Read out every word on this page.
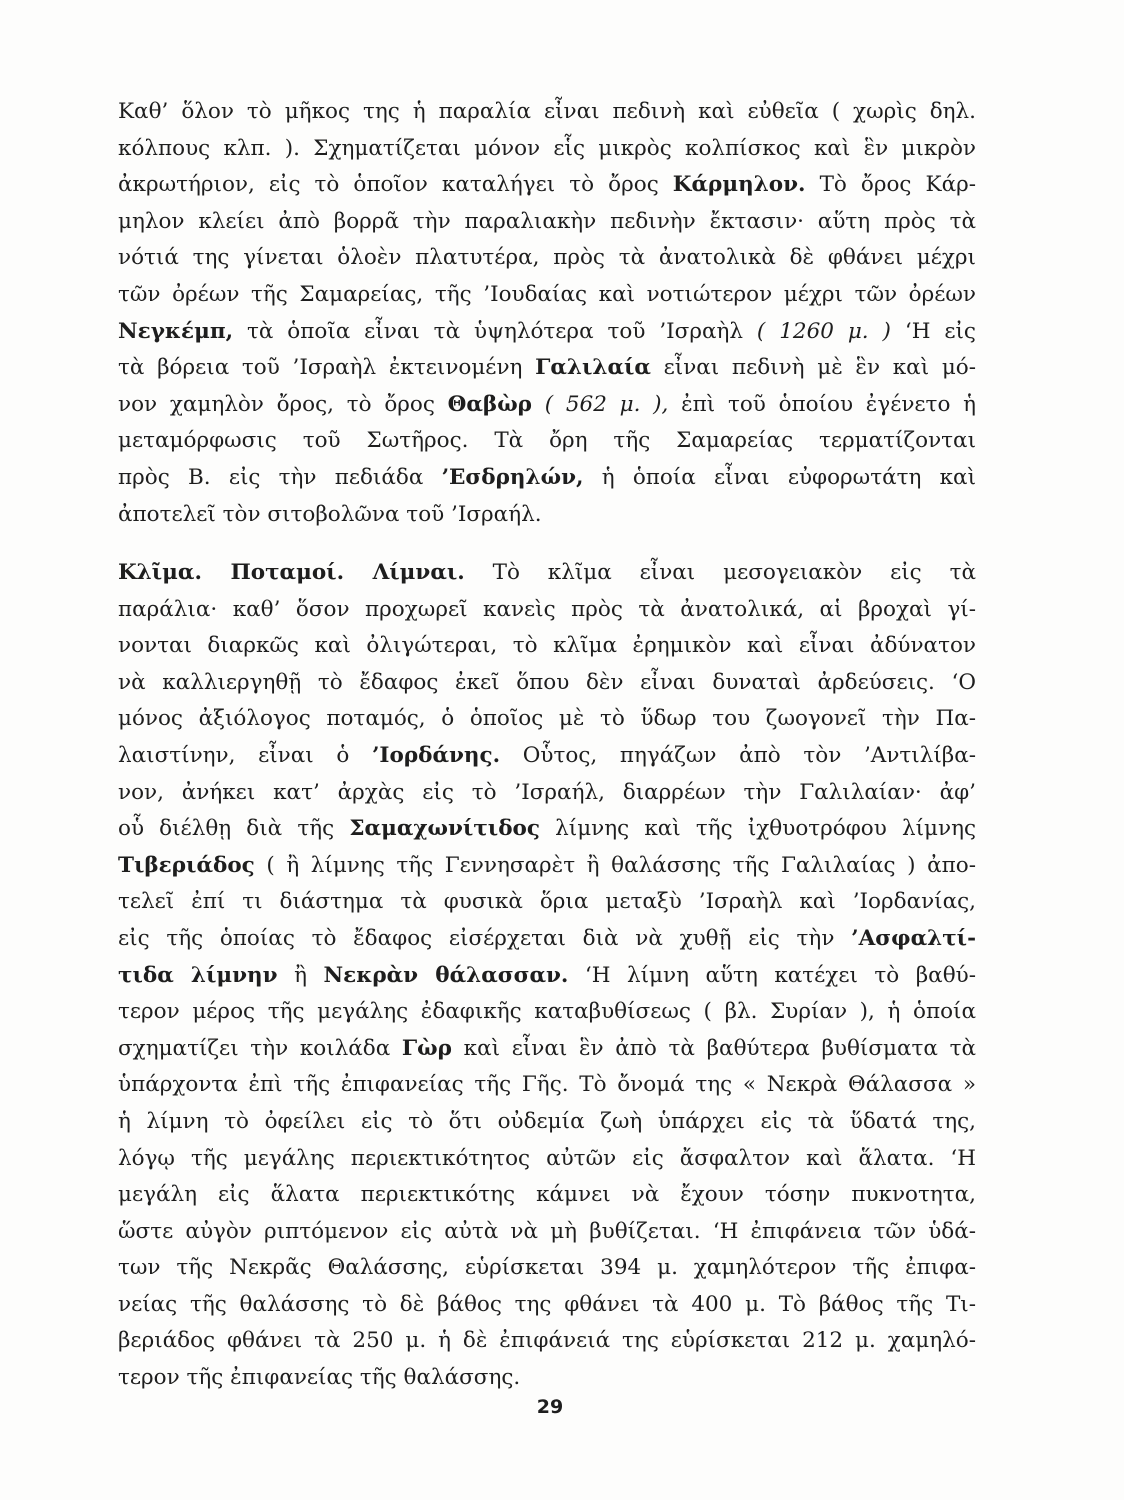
Καθ’ ὅλον τὸ μῆκος της ἡ παραλία εἶναι πεδινὴ καὶ εὐθεῖα ( χωρὶς δηλ.
κόλπους κλπ. ). Σχηματίζεται μόνον εἷς μικρὸς κολπίσκος καὶ ἓν μικρὸν
ἀκρωτήριον, εἰς τὸ ὁποῖον καταλήγει τὸ ὄρος Κάρμηλον. Τὸ ὄρος Κάρ-
μηλον κλείει ἀπὸ βορρᾶ τὴν παραλιακὴν πεδινὴν ἔκτασιν· αὕτη πρὸς τὰ
νότιά της γίνεται ὁλοὲν πλατυτέρα, πρὸς τὰ ἀνατολικὰ δὲ φθάνει μέχρι
τῶν ὀρέων τῆς Σαμαρείας, τῆς ’Ιουδαίας καὶ νοτιώτερον μέχρι τῶν ὀρέων
Νεγκέμπ, τὰ ὁποῖα εἶναι τὰ ὑψηλότερα τοῦ ’Ισραὴλ ( 1260 μ. ) ‘Η εἰς
τὰ βόρεια τοῦ ’Ισραὴλ ἐκτεινομένη Γαλιλαία εἶναι πεδινὴ μὲ ἓν καὶ μό-
νον χαμηλὸν ὄρος, τὸ ὄρος Θαβὼρ ( 562 μ. ), ἐπὶ τοῦ ὁποίου ἐγένετο ἡ
μεταμόρφωσις τοῦ Σωτῆρος. Τὰ ὄρη τῆς Σαμαρείας τερματίζονται
πρὸς Β. εἰς τὴν πεδιάδα ’Εσδρηλών, ἡ ὁποία εἶναι εὐφορωτάτη καὶ
ἀποτελεῖ τὸν σιτοβολῶνα τοῦ ’Ισραήλ.
Κλῖμα. Ποταμοί. Λίμναι. Τὸ κλῖμα εἶναι μεσογειακὸν εἰς τὰ
παράλια· καθ’ ὅσον προχωρεῖ κανεὶς πρὸς τὰ ἀνατολικά, αἱ βροχαὶ γί-
νονται διαρκῶς καὶ ὀλιγώτεραι, τὸ κλῖμα ἐρημικὸν καὶ εἶναι ἀδύνατον
νὰ καλλιεργηθῇ τὸ ἔδαφος ἐκεῖ ὅπου δὲν εἶναι δυναταὶ ἀρδεύσεις. ‘Ο
μόνος ἀξιόλογος ποταμός, ὁ ὁποῖος μὲ τὸ ὕδωρ του ζωογονεῖ τὴν Πα-
λαιστίνην, εἶναι ὁ ’Ιορδάνης. Οὗτος, πηγάζων ἀπὸ τὸν ’Αντιλίβα-
νον, ἀνήκει κατ’ ἀρχὰς εἰς τὸ ’Ισραήλ, διαρρέων τὴν Γαλιλαίαν· ἀφ’
οὗ διέλθῃ διὰ τῆς Σαμαχωνίτιδος λίμνης καὶ τῆς ἰχθυοτρόφου λίμνης
Τιβεριάδος ( ἢ λίμνης τῆς Γεννησαρὲτ ἢ θαλάσσης τῆς Γαλιλαίας ) ἀπο-
τελεῖ ἐπί τι διάστημα τὰ φυσικὰ ὅρια μεταξὺ ’Ισραὴλ καὶ ’Ιορδανίας,
εἰς τῆς ὁποίας τὸ ἔδαφος εἰσέρχεται διὰ νὰ χυθῇ εἰς τὴν ’Ασφαλτί-
τιδα λίμνην ἢ Νεκρὰν θάλασσαν. ‘Η λίμνη αὕτη κατέχει τὸ βαθύ-
τερον μέρος τῆς μεγάλης ἐδαφικῆς καταβυθίσεως ( βλ. Συρίαν ), ἡ ὁποία
σχηματίζει τὴν κοιλάδα Γὼρ καὶ εἶναι ἓν ἀπὸ τὰ βαθύτερα βυθίσματα τὰ
ὑπάρχοντα ἐπὶ τῆς ἐπιφανείας τῆς Γῆς. Τὸ ὄνομά της « Νεκρὰ Θάλασσα »
ἡ λίμνη τὸ ὀφείλει εἰς τὸ ὅτι οὐδεμία ζωὴ ὑπάρχει εἰς τὰ ὕδατά της,
λόγῳ τῆς μεγάλης περιεκτικότητος αὐτῶν εἰς ἄσφαλτον καὶ ἅλατα. ‘Η
μεγάλη εἰς ἅλατα περιεκτικότης κάμνει νὰ ἔχουν τόσην πυκνοτητα,
ὥστε αὐγὸν ριπτόμενον εἰς αὐτὰ νὰ μὴ βυθίζεται. ‘Η ἐπιφάνεια τῶν ὑδά-
των τῆς Νεκρᾶς Θαλάσσης, εὑρίσκεται 394 μ. χαμηλότερον τῆς ἐπιφα-
νείας τῆς θαλάσσης τὸ δὲ βάθος της φθάνει τὰ 400 μ. Τὸ βάθος τῆς Τι-
βεριάδος φθάνει τὰ 250 μ. ἡ δὲ ἐπιφάνειά της εὑρίσκεται 212 μ. χαμηλό-
τερον τῆς ἐπιφανείας τῆς θαλάσσης.
29
